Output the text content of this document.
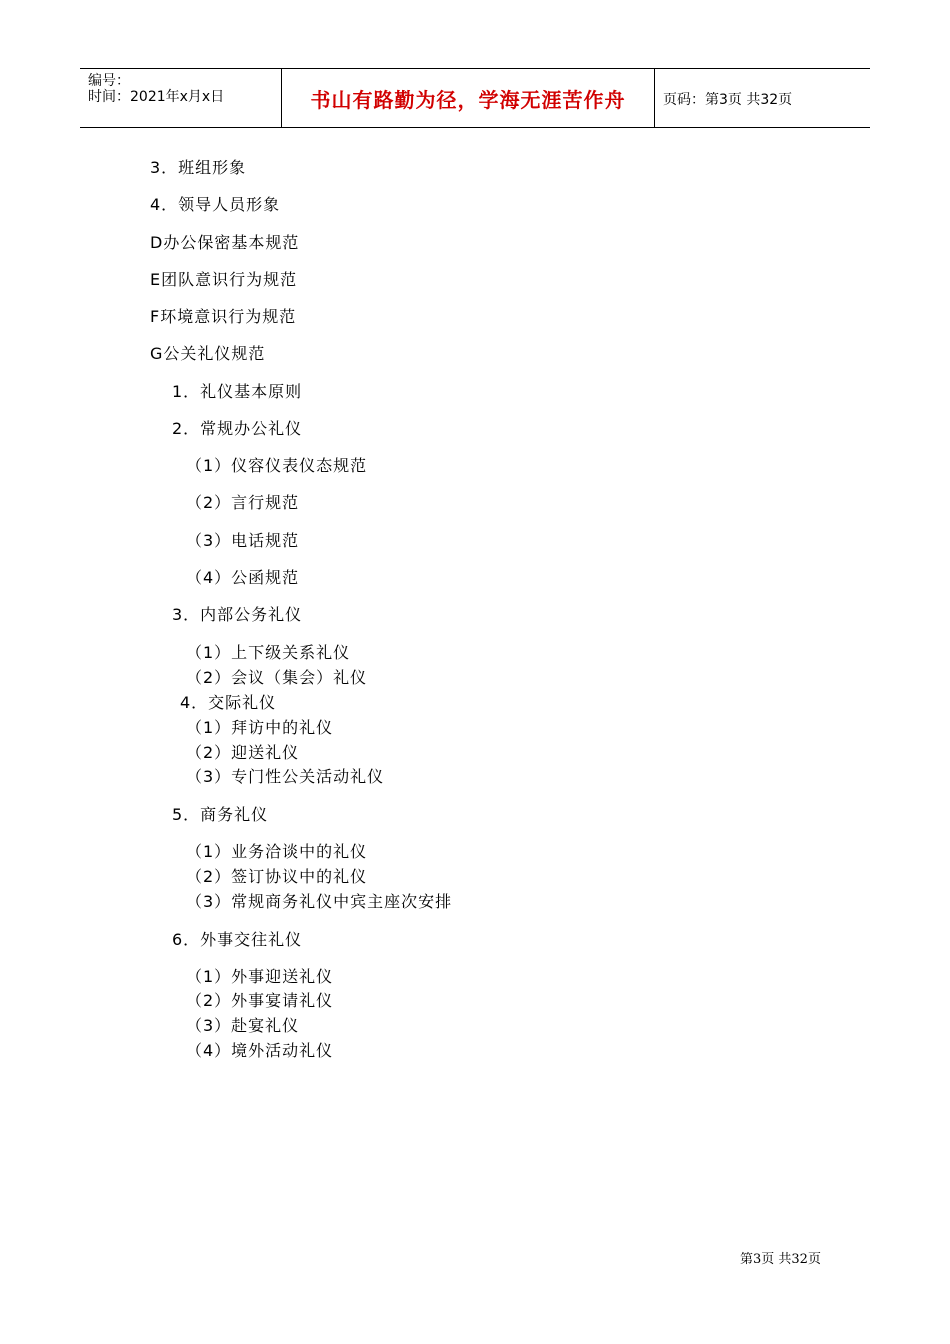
编号：
时间：2021年x月x日	书山有路勤为径，学海无涯苦作舟	页码：第3页 共32页
3．班组形象
4．领导人员形象
D办公保密基本规范
E团队意识行为规范
F环境意识行为规范
G公关礼仪规范
1．礼仪基本原则
2．常规办公礼仪
（1）仪容仪表仪态规范
（2）言行规范
（3）电话规范
（4）公函规范
3．内部公务礼仪
（1）上下级关系礼仪
（2）会议（集会）礼仪
4．交际礼仪
（1）拜访中的礼仪
（2）迎送礼仪
（3）专门性公关活动礼仪
5．商务礼仪
（1）业务洽谈中的礼仪
（2）签订协议中的礼仪
（3）常规商务礼仪中宾主座次安排
6．外事交往礼仪
（1）外事迎送礼仪
（2）外事宴请礼仪
（3）赴宴礼仪
（4）境外活动礼仪
第3页 共32页
